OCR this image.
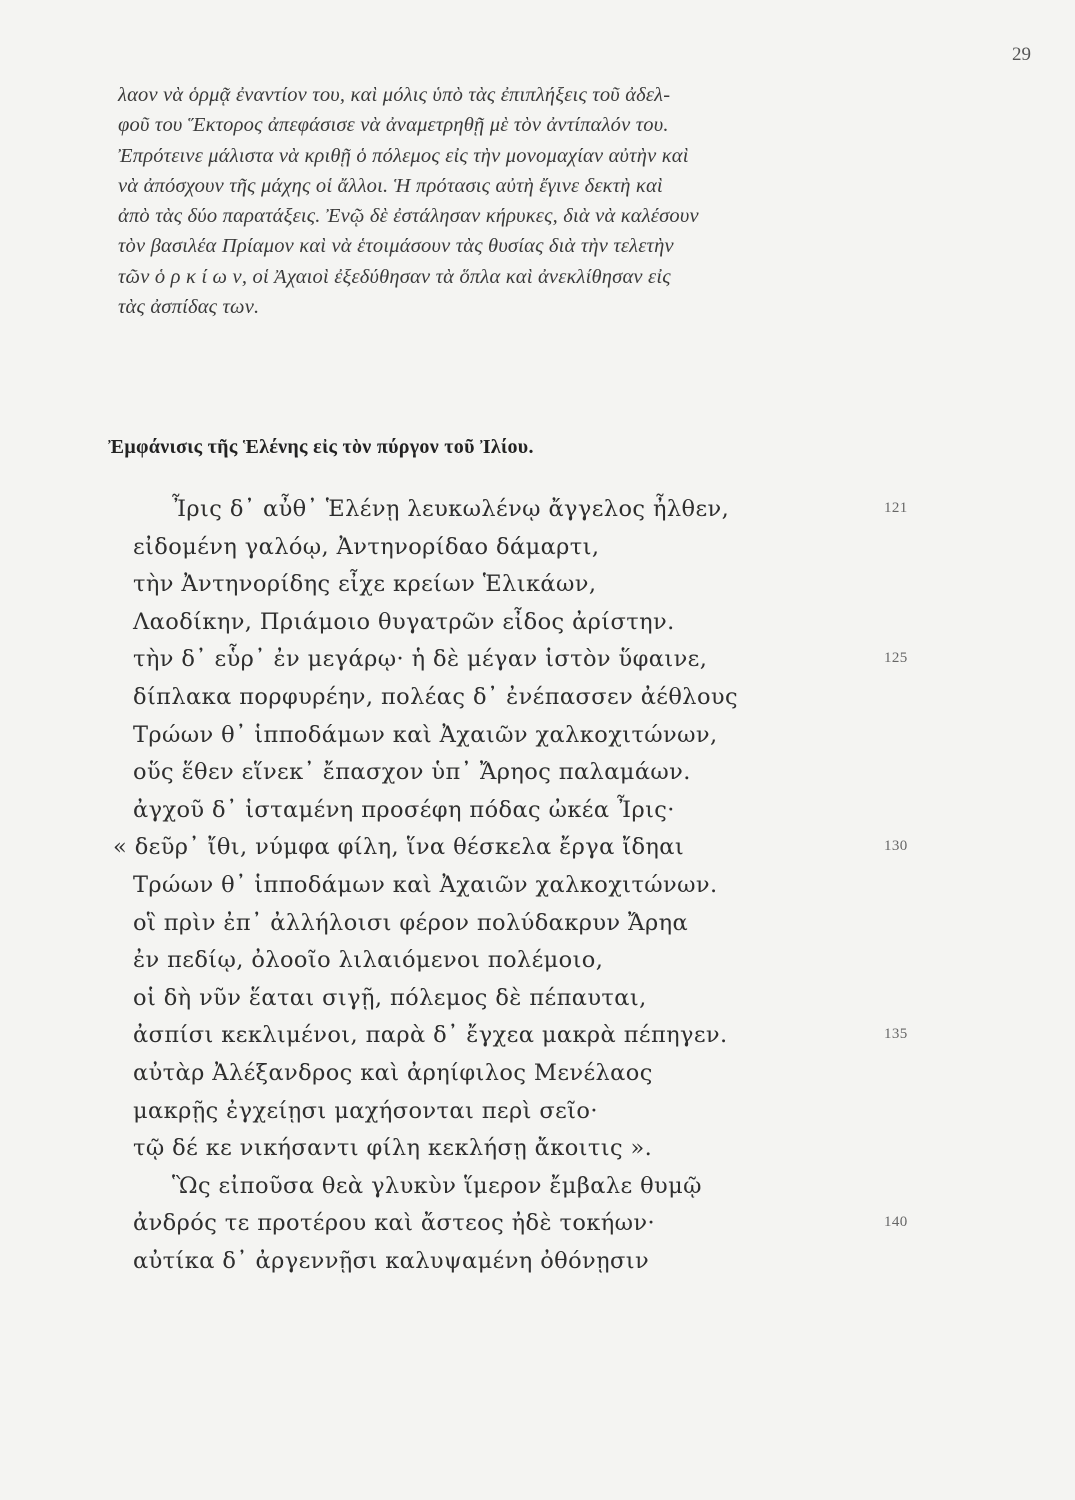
29
λαον νὰ ὁρμᾷ ἐναντίον του, καὶ μόλις ὑπὸ τὰς ἐπιπλήξεις τοῦ ἀδελ-
φοῦ του Ἕκτορος ἀπεφάσισε νὰ ἀναμετρηθῇ μὲ τὸν ἀντίπαλόν του.
Ἐπρότεινε μάλιστα νὰ κριθῇ ὁ πόλεμος εἰς τὴν μονομαχίαν αὐτὴν καὶ
νὰ ἀπόσχουν τῆς μάχης οἱ ἄλλοι. Ἡ πρότασις αὐτὴ ἔγινε δεκτὴ καὶ
ἀπὸ τὰς δύο παρατάξεις. Ἐνῷ δὲ ἐστάλησαν κήρυκες, διὰ νὰ καλέσουν
τὸν βασιλέα Πρίαμον καὶ νὰ ἑτοιμάσουν τὰς θυσίας διὰ τὴν τελετὴν
τῶν ὁ ρ κ ί ω ν, οἱ Ἀχαιοὶ ἐξεδύθησαν τὰ ὅπλα καὶ ἀνεκλίθησαν εἰς
τὰς ἀσπίδας των.
Ἐμφάνισις τῆς Ἑλένης εἰς τὸν πύργον τοῦ Ἰλίου.
Ἶρις δ᾽ αὖθ᾽ Ἑλένῃ λευκωλένῳ ἄγγελος ἦλθεν,	121
εἰδομένη γαλόῳ, Ἀντηνορίδαο δάμαρτι,
τὴν Ἀντηνορίδης εἶχε κρείων Ἑλικάων,
Λαοδίκην, Πριάμοιο θυγατρῶν εἶδος ἀρίστην.
τὴν δ᾽ εὗρ᾽ ἐν μεγάρῳ· ἡ δὲ μέγαν ἱστὸν ὕφαινε,	125
δίπλακα πορφυρέην, πολέας δ᾽ ἐνέπασσεν ἀέθλους
Τρώων θ᾽ ἱπποδάμων καὶ Ἀχαιῶν χαλκοχιτώνων,
οὕς ἕθεν εἵνεκ᾽ ἔπασχον ὑπ᾽ Ἄρηος παλαμάων.
ἀγχοῦ δ᾽ ἱσταμένη προσέφη πόδας ὠκέα Ἶρις·
« δεῦρ᾽ ἴθι, νύμφα φίλη, ἵνα θέσκελα ἔργα ἴδηαι	130
Τρώων θ᾽ ἱπποδάμων καὶ Ἀχαιῶν χαλκοχιτώνων.
οἳ πρὶν ἐπ᾽ ἀλλήλοισι φέρον πολύδακρυν Ἄρηα
ἐν πεδίῳ, ὀλοοῖο λιλαιόμενοι πολέμοιο,
οἱ δὴ νῦν ἕαται σιγῇ, πόλεμος δὲ πέπαυται,
ἀσπίσι κεκλιμένοι, παρὰ δ᾽ ἔγχεα μακρὰ πέπηγεν.	135
αὐτὰρ Ἀλέξανδρος καὶ ἀρηίφιλος Μενέλαος
μακρῇς ἐγχείῃσι μαχήσονται περὶ σεῖο·
τῷ δέ κε νικήσαντι φίλη κεκλήσῃ ἄκοιτις ».
Ὣς εἰποῦσα θεὰ γλυκὺν ἵμερον ἔμβαλε θυμῷ
ἀνδρός τε προτέρου καὶ ἄστεος ἠδὲ τοκήων·	140
αὐτίκα δ᾽ ἀργεννῇσι καλυψαμένη ὀθόνῃσιν
